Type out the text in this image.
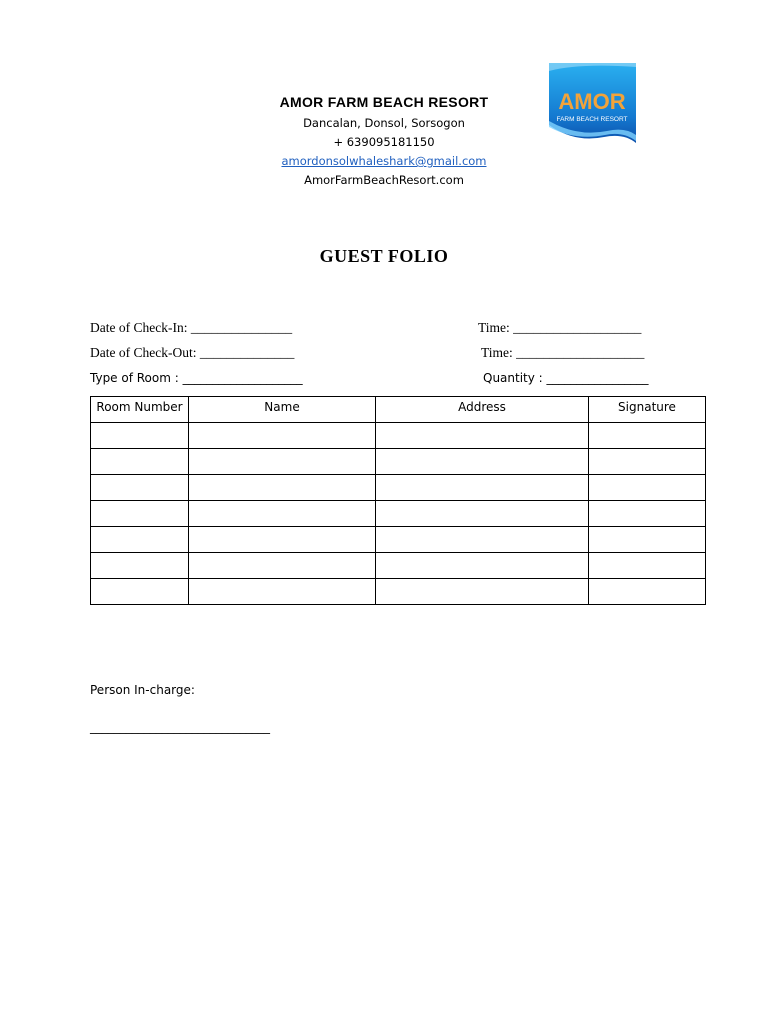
AMOR FARM BEACH RESORT
Dancalan, Donsol, Sorsogon
+ 639095181150
amordonsolwhaleshark@gmail.com
AmorFarmBeachResort.com
AMOR
FARM BEACH RESORT
GUEST FOLIO
Date of Check-In: _______________	Time: ___________________
Date of Check-Out: ______________	Time: ___________________
Type of Room : ____________________	Quantity : _________________
Room Number	Name	Address	Signature

Person In-charge:
______________________________
